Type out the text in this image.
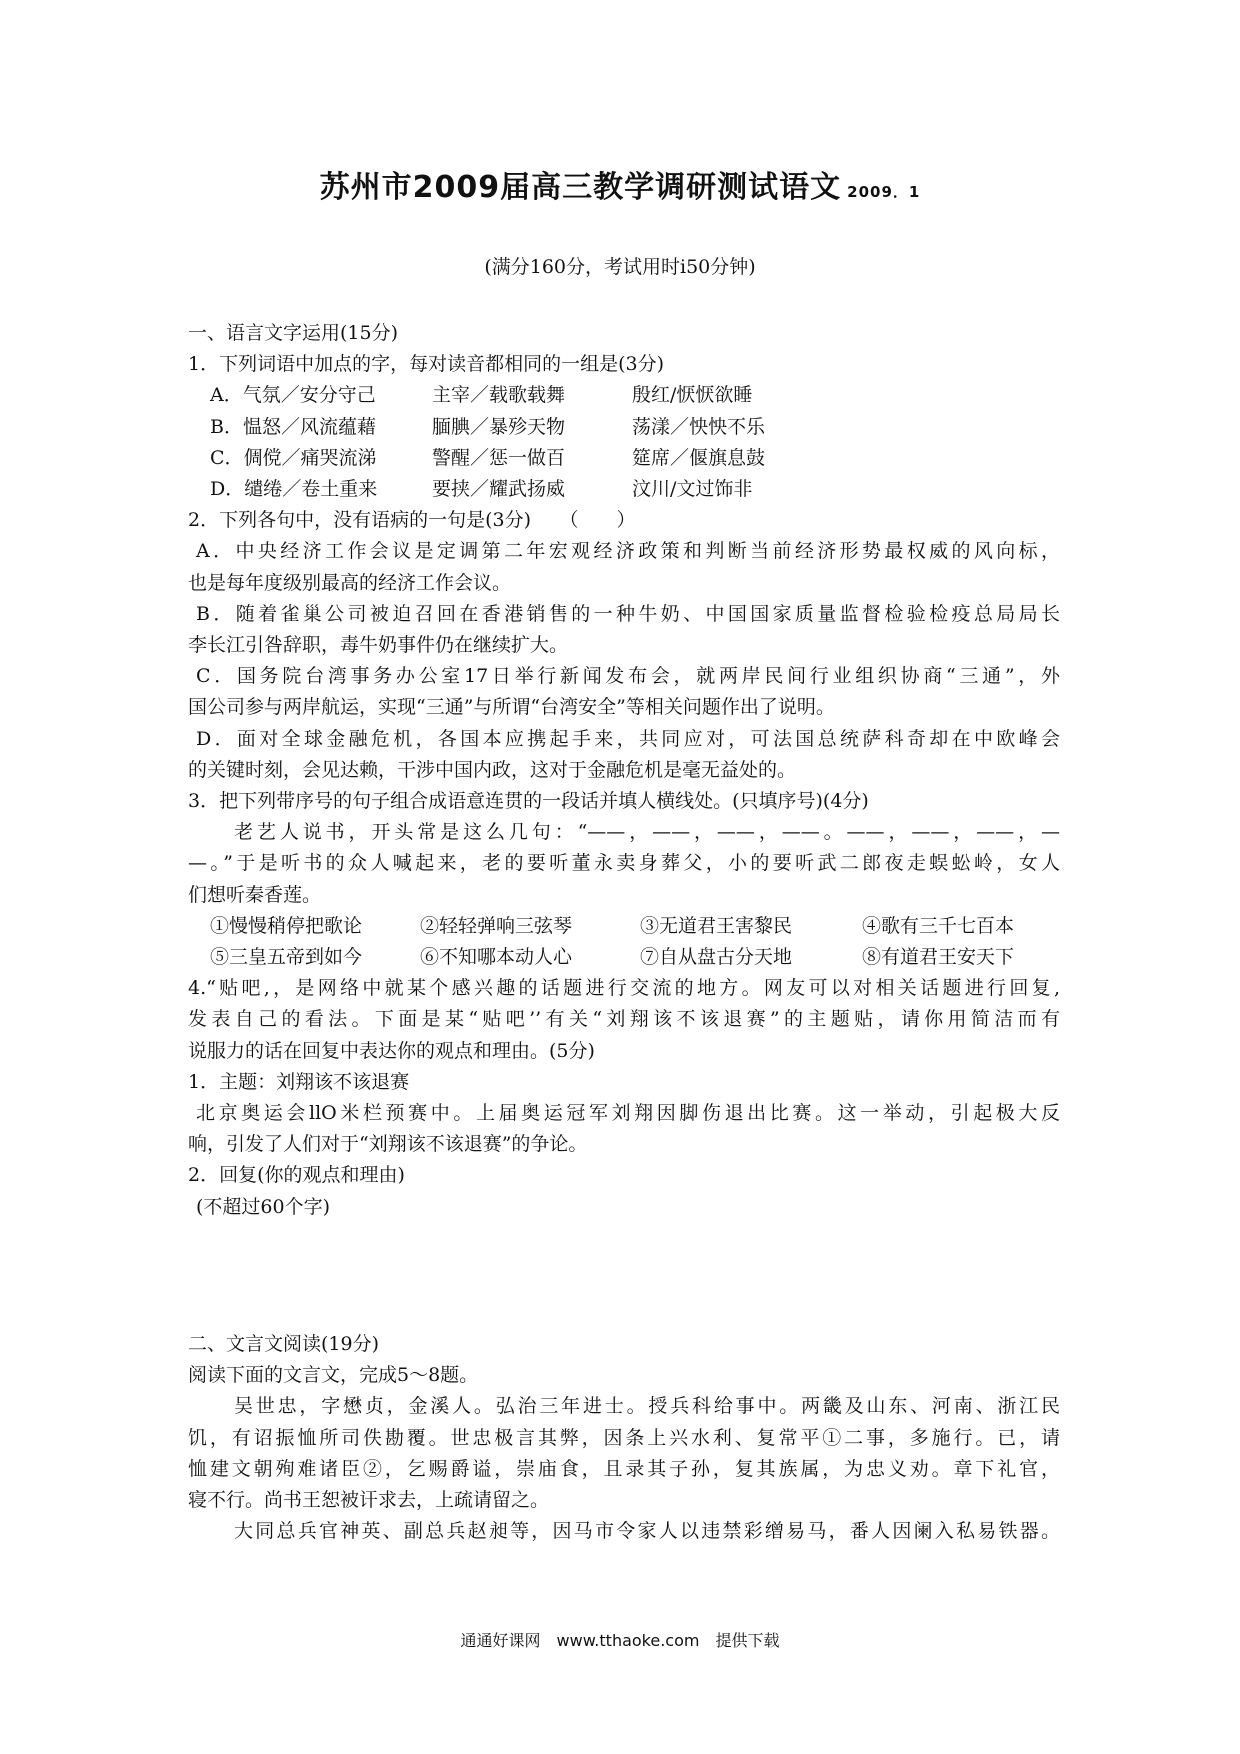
苏州市2009届高三教学调研测试语文 2009．1
(满分160分，考试用时i50分钟)
一、语言文字运用(15分)
1．下列词语中加点的字，每对读音都相同的一组是(3分)
A．气氛／安分守己	主宰／载歌载舞	殷红/恹恹欲睡
B．愠怒／风流蕴藉	腼腆／暴殄天物	荡漾／怏怏不乐
C．倜傥／痛哭流涕	警醒／惩一做百	筵席／偃旗息鼓
D．缱绻／卷土重来	要挟／耀武扬威	汶川/文过饰非
2．下列各句中，没有语病的一句是(3分)　　（　　）
A．中央经济工作会议是定调第二年宏观经济政策和判断当前经济形势最权威的风向标，
也是每年度级别最高的经济工作会议。
B．随着雀巢公司被迫召回在香港销售的一种牛奶、中国国家质量监督检验检疫总局局长
李长江引咎辞职，毒牛奶事件仍在继续扩大。
C．国务院台湾事务办公室17日举行新闻发布会，就两岸民间行业组织协商“三通”，外
国公司参与两岸航运，实现“三通”与所谓“台湾安全”等相关问题作出了说明。
D．面对全球金融危机，各国本应携起手来，共同应对，可法国总统萨科奇却在中欧峰会
的关键时刻，会见达赖，干涉中国内政，这对于金融危机是毫无益处的。
3．把下列带序号的句子组合成语意连贯的一段话并填人横线处。(只填序号)(4分)
老艺人说书，开头常是这么几句：“——，——，——，——。——，——，——，—
—。”于是听书的众人喊起来，老的要听董永卖身葬父，小的要听武二郎夜走蜈蚣岭，女人
们想听秦香莲。
①慢慢稍停把歌论	②轻轻弹响三弦琴	③无道君王害黎民	④歌有三千七百本
⑤三皇五帝到如今	⑥不知哪本动人心	⑦自从盘古分天地	⑧有道君王安天下
4.“贴吧,，是网络中就某个感兴趣的话题进行交流的地方。网友可以对相关话题进行回复,
发表自己的看法。下面是某“贴吧’’有关“刘翔该不该退赛”的主题贴，请你用简洁而有
说服力的话在回复中表达你的观点和理由。(5分)
1．主题：刘翔该不该退赛
北京奥运会llO米栏预赛中。上届奥运冠军刘翔因脚伤退出比赛。这一举动，引起极大反
响，引发了人们对于“刘翔该不该退赛”的争论。
2．回复(你的观点和理由)
(不超过60个字)
二、文言文阅读(19分)
阅读下面的文言文，完成5～8题。
吴世忠，字懋贞，金溪人。弘治三年进士。授兵科给事中。两畿及山东、河南、浙江民
饥，有诏振恤所司佚勘覆。世忠极言其弊，因条上兴水利、复常平①二事，多施行。已，请
恤建文朝殉难诸臣②，乞赐爵谥，崇庙食，且录其子孙，复其族属，为忠义劝。章下礼官，
寝不行。尚书王恕被讦求去，上疏请留之。
大同总兵官神英、副总兵赵昶等，因马市令家人以违禁彩缯易马，番人因阑入私易铁器。
通通好课网　www.tthaoke.com　提供下载
